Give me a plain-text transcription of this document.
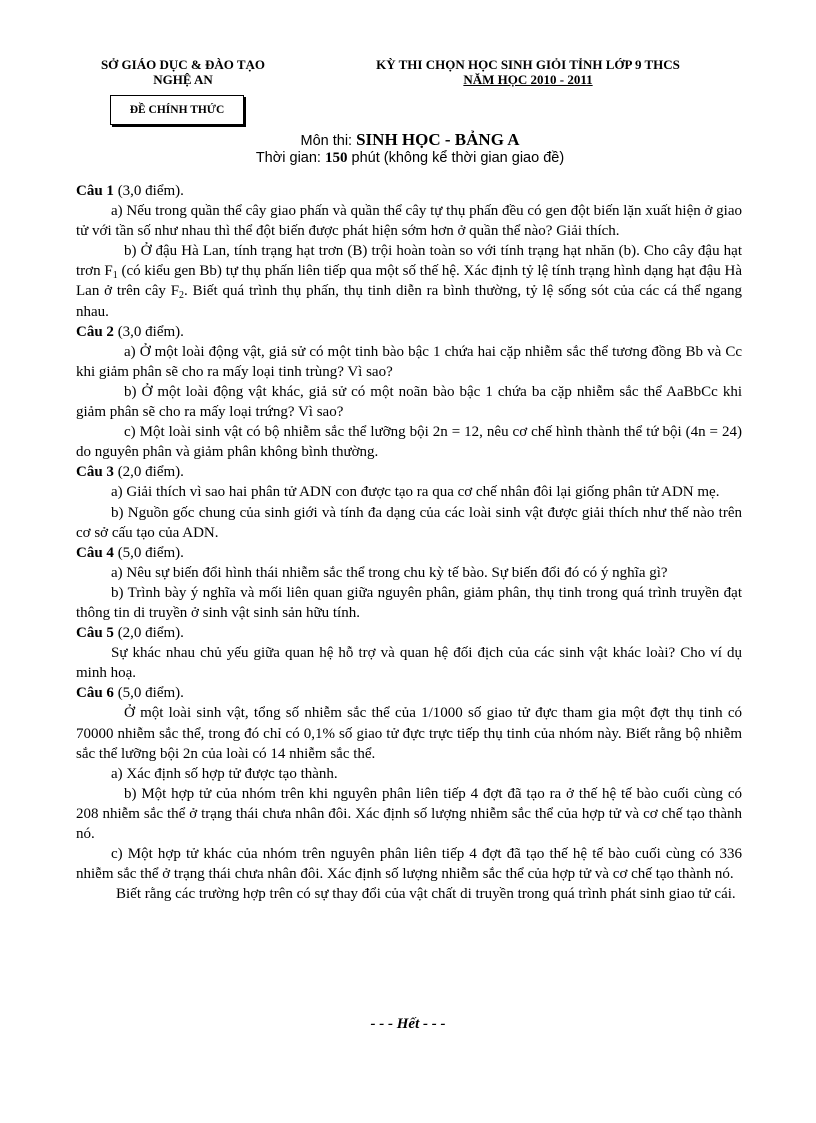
SỞ GIÁO DỤC & ĐÀO TẠO
NGHỆ AN
KỲ THI CHỌN HỌC SINH GIỎI TỈNH LỚP 9 THCS
NĂM HỌC 2010 - 2011
ĐỀ CHÍNH THỨC
Môn thi: SINH HỌC - BẢNG A
Thời gian: 150 phút (không kể thời gian giao đề)

Câu 1 (3,0 điểm).

a) Nếu trong quần thể cây giao phấn và quần thể cây tự thụ phấn đều có gen đột biến lặn xuất hiện ở giao tử với tần số như nhau thì thể đột biến được phát hiện sớm hơn ở quần thể nào? Giải thích.

b) Ở đậu Hà Lan, tính trạng hạt trơn (B) trội hoàn toàn so với tính trạng hạt nhăn (b). Cho cây đậu hạt trơn $F_1$ (có kiểu gen Bb) tự thụ phấn liên tiếp qua một số thế hệ. Xác định tỷ lệ tính trạng hình dạng hạt đậu Hà Lan ở trên cây $F_2$. Biết quá trình thụ phấn, thụ tinh diễn ra bình thường, tỷ lệ sống sót của các cá thể ngang nhau.

Câu 2 (3,0 điểm).

a) Ở một loài động vật, giả sử có một tinh bào bậc 1 chứa hai cặp nhiễm sắc thể tương đồng Bb và Cc khi giảm phân sẽ cho ra mấy loại tinh trùng? Vì sao?

b) Ở một loài động vật khác, giả sử có một noãn bào bậc 1 chứa ba cặp nhiễm sắc thể AaBbCc khi giảm phân sẽ cho ra mấy loại trứng? Vì sao?

c) Một loài sinh vật có bộ nhiễm sắc thể lưỡng bội 2n = 12, nêu cơ chế hình thành thể tứ bội (4n = 24) do nguyên phân và giảm phân không bình thường.

Câu 3 (2,0 điểm).

a) Giải thích vì sao hai phân tử ADN con được tạo ra qua cơ chế nhân đôi lại giống phân tử ADN mẹ.

b) Nguồn gốc chung của sinh giới và tính đa dạng của các loài sinh vật được giải thích như thế nào trên cơ sở cấu tạo của ADN.

Câu 4 (5,0 điểm).

a) Nêu sự biến đổi hình thái nhiễm sắc thể trong chu kỳ tế bào. Sự biến đổi đó có ý nghĩa gì?

b) Trình bày ý nghĩa và mối liên quan giữa nguyên phân, giảm phân, thụ tinh trong quá trình truyền đạt thông tin di truyền ở sinh vật sinh sản hữu tính.

Câu 5 (2,0 điểm).

Sự khác nhau chủ yếu giữa quan hệ hỗ trợ và quan hệ đối địch của các sinh vật khác loài? Cho ví dụ minh hoạ.

Câu 6 (5,0 điểm).

Ở một loài sinh vật, tổng số nhiễm sắc thể của 1/1000 số giao tử đực tham gia một đợt thụ tinh có 70000 nhiễm sắc thể, trong đó chỉ có 0,1% số giao tử đực trực tiếp thụ tinh của nhóm này. Biết rằng bộ nhiễm sắc thể lưỡng bội 2n của loài có 14 nhiễm sắc thể.

a) Xác định số hợp tử được tạo thành.

b) Một hợp tử của nhóm trên khi nguyên phân liên tiếp 4 đợt đã tạo ra ở thế hệ tế bào cuối cùng có 208 nhiễm sắc thể ở trạng thái chưa nhân đôi. Xác định số lượng nhiễm sắc thể của hợp tử và cơ chế tạo thành nó.

c) Một hợp tử khác của nhóm trên nguyên phân liên tiếp 4 đợt đã tạo thế hệ tế bào cuối cùng có 336 nhiễm sắc thể ở trạng thái chưa nhân đôi. Xác định số lượng nhiễm sắc thể của hợp tử và cơ chế tạo thành nó.

Biết rằng các trường hợp trên có sự thay đổi của vật chất di truyền trong quá trình phát sinh giao tử cái.

- - - Hết - - -
